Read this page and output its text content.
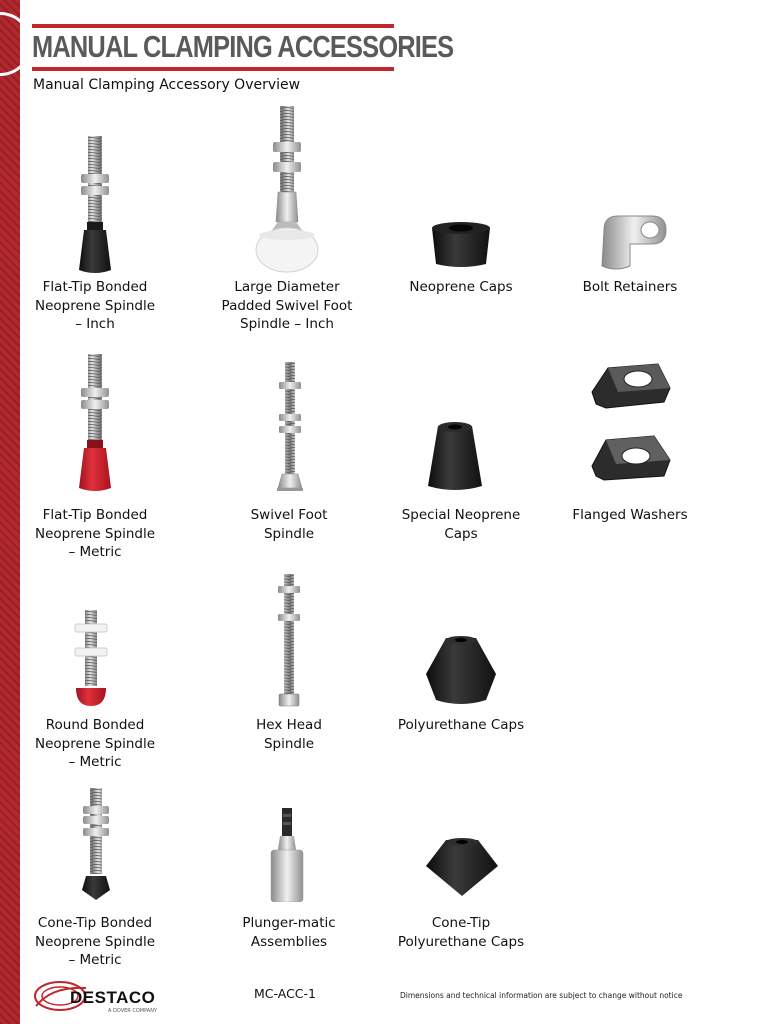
MANUAL CLAMPING ACCESSORIES
Manual Clamping Accessory Overview
Flat-Tip Bonded
Neoprene Spindle
– Inch
Large Diameter
Padded Swivel Foot
Spindle – Inch
Neoprene Caps	Bolt Retainers
Flat-Tip Bonded
Neoprene Spindle
– Metric
Swivel Foot
Spindle
Special Neoprene Caps
Flanged Washers
Round Bonded
Neoprene Spindle
– Metric
Hex Head
Spindle
Polyurethane Caps
Cone-Tip Bonded
Neoprene Spindle
– Metric
Plunger-matic
Assemblies
Cone-Tip
Polyurethane Caps
DESTACO
A DOVER COMPANY
MC-ACC-1	Dimensions and technical information are subject to change without notice
